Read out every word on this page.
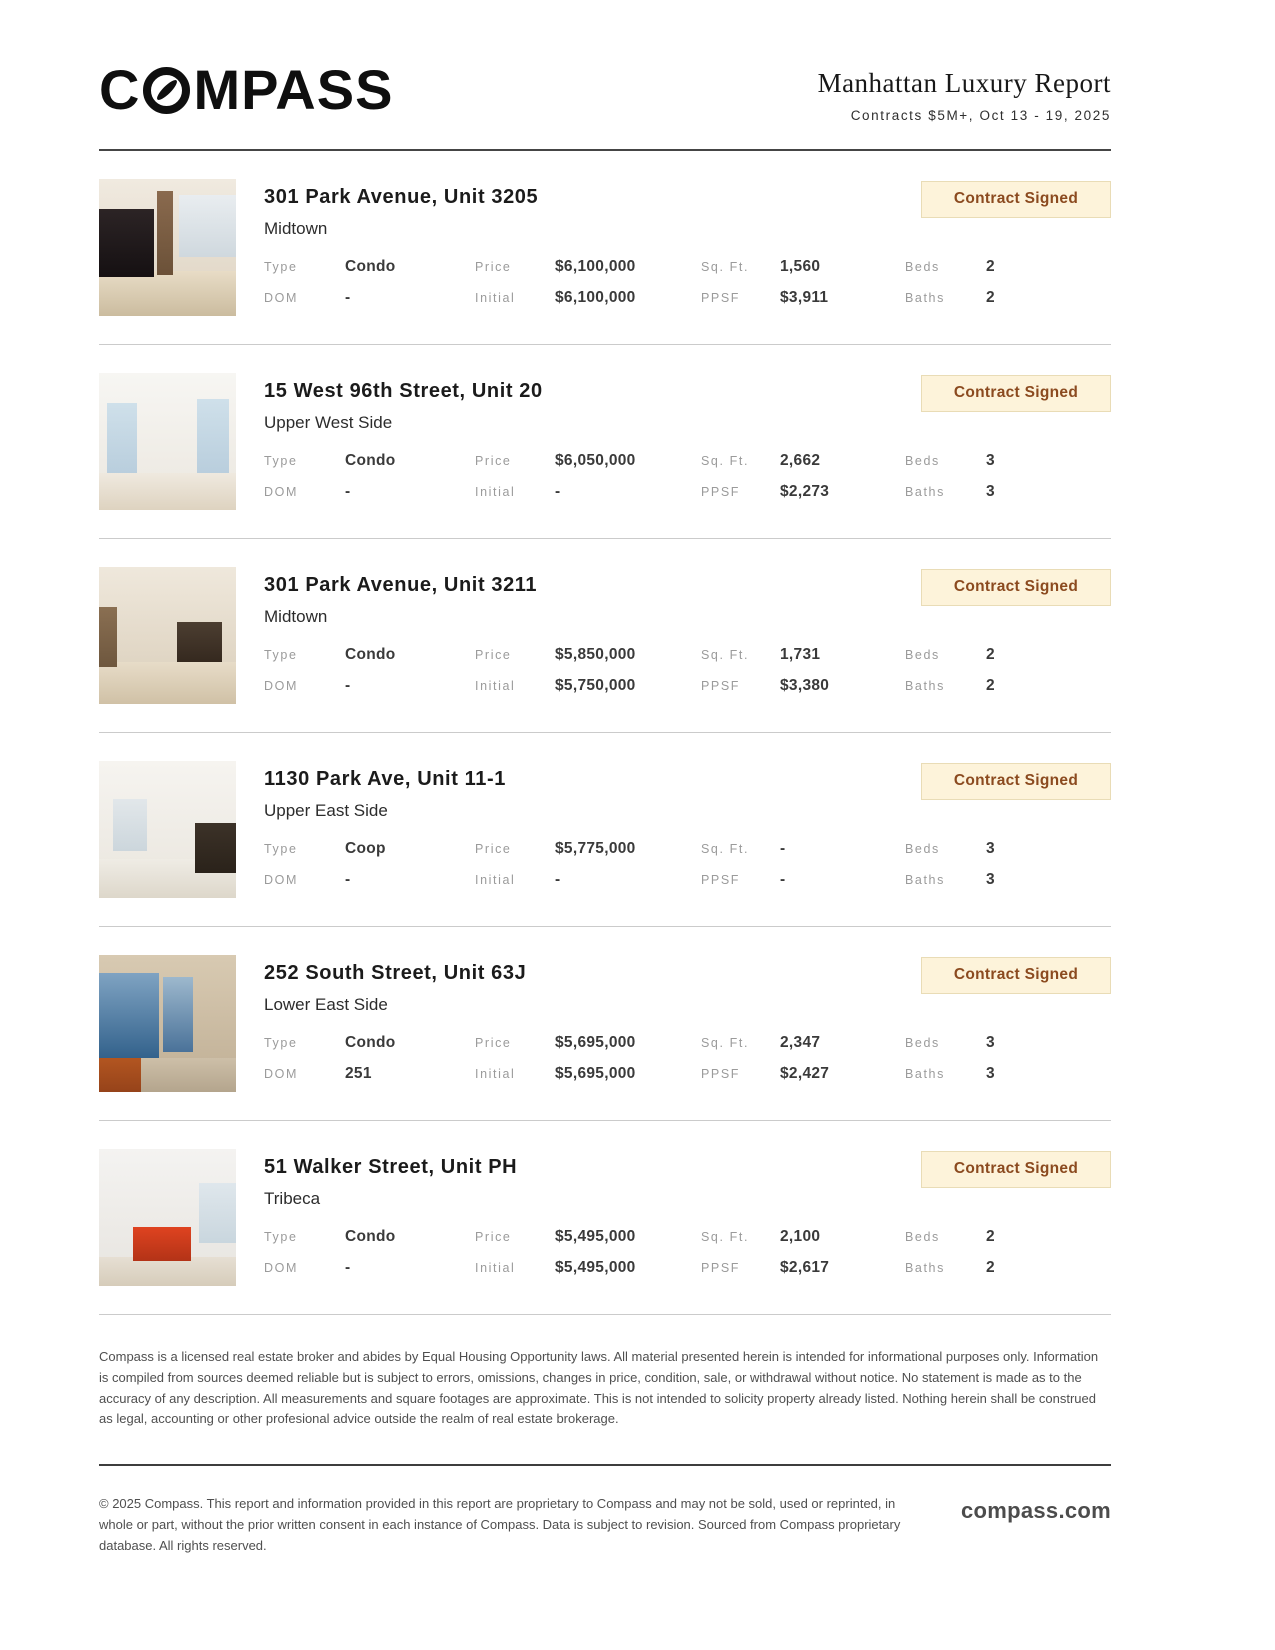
C MPASS	Manhattan Luxury Report
Contracts $5M+, Oct 13 - 19, 2025
301 Park Avenue, Unit 3205
Midtown
Contract Signed
Type	Condo	Price	$6,100,000	Sq. Ft.	1,560	Beds	2
DOM	-	Initial	$6,100,000	PPSF	$3,911	Baths	2
15 West 96th Street, Unit 20
Upper West Side
Contract Signed
Type	Condo	Price	$6,050,000	Sq. Ft.	2,662	Beds	3
DOM	-	Initial	-	PPSF	$2,273	Baths	3
301 Park Avenue, Unit 3211
Midtown
Contract Signed
Type	Condo	Price	$5,850,000	Sq. Ft.	1,731	Beds	2
DOM	-	Initial	$5,750,000	PPSF	$3,380	Baths	2
1130 Park Ave, Unit 11-1
Upper East Side
Contract Signed
Type	Coop	Price	$5,775,000	Sq. Ft.	-	Beds	3
DOM	-	Initial	-	PPSF	-	Baths	3
252 South Street, Unit 63J
Lower East Side
Contract Signed
Type	Condo	Price	$5,695,000	Sq. Ft.	2,347	Beds	3
DOM	251	Initial	$5,695,000	PPSF	$2,427	Baths	3
51 Walker Street, Unit PH
Tribeca
Contract Signed
Type	Condo	Price	$5,495,000	Sq. Ft.	2,100	Beds	2
DOM	-	Initial	$5,495,000	PPSF	$2,617	Baths	2

Compass is a licensed real estate broker and abides by Equal Housing Opportunity laws. All material presented herein is intended for informational purposes only. Information is compiled from sources deemed reliable but is subject to errors, omissions, changes in price, condition, sale, or withdrawal without notice. No statement is made as to the accuracy of any description. All measurements and square footages are approximate. This is not intended to solicity property already listed. Nothing herein shall be construed as legal, accounting or other profesional advice outside the realm of real estate brokerage.

© 2025 Compass. This report and information provided in this report are proprietary to Compass and may not be sold, used or reprinted, in whole or part, without the prior written consent in each instance of Compass. Data is subject to revision. Sourced from Compass proprietary database. All rights reserved.

compass.com
